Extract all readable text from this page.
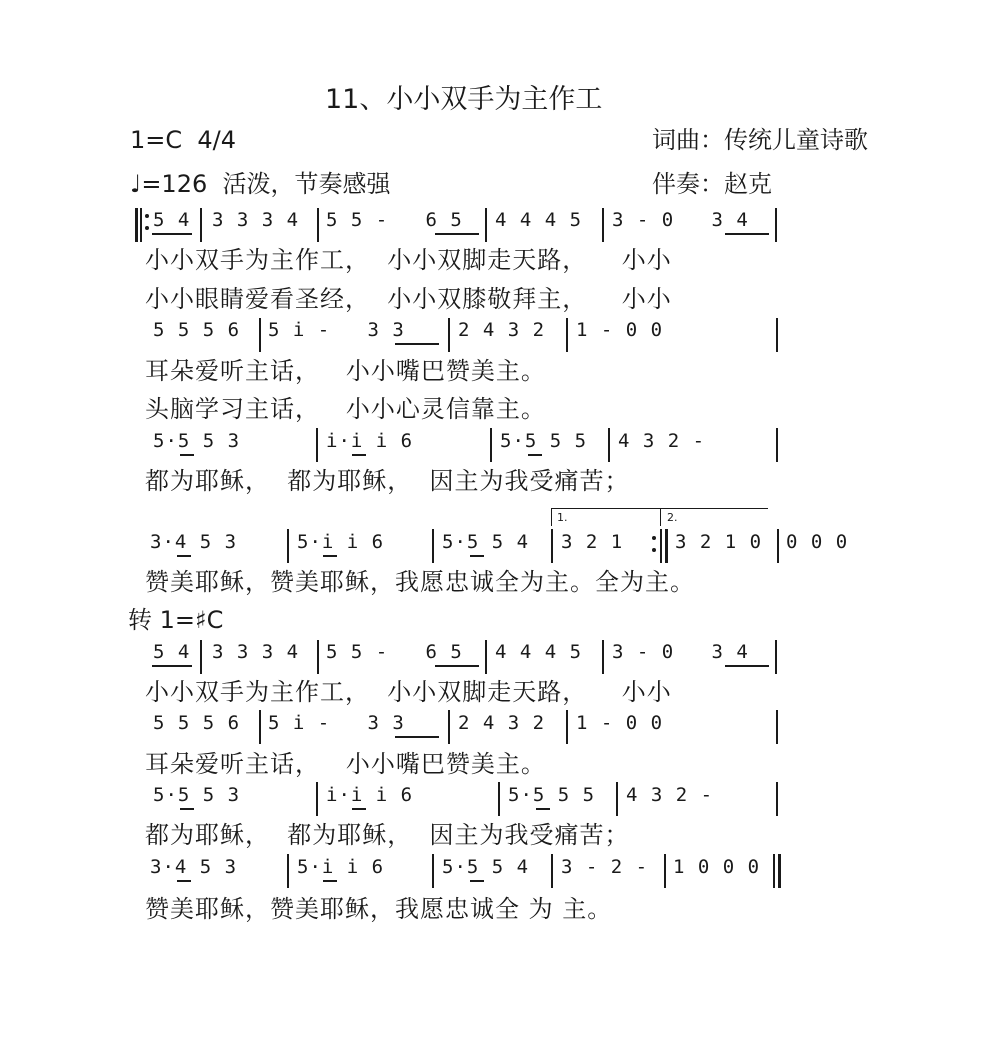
11、小小双手为主作工
1=C  4/4	词曲：传统儿童诗歌
♩=126  活泼，节奏感强	伴奏：赵克
5 4 3 3 3 4 5 5 -   6 5 4 4 4 5 3 - 0   3 4
小小双手为主作工，  小小双脚走天路，    小小
小小眼睛爱看圣经，  小小双膝敬拜主，    小小
5 5 5 6 5 i̇ -   3 3	2 4 3 2 1 - 0 0
耳朵爱听主话，   小小嘴巴赞美主。
头脑学习主话，   小小心灵信靠主。
5·5 5 3	i̇·i̇ i̇ 6	5·5 5 5 4 3 2 -
都为耶稣，  都为耶稣，  因主为我受痛苦；
1.	2.
3·4 5 3	5·i̇ i̇ 6	5·5 5 4 3 2 1	3 2 1 0 0 0 0
赞美耶稣，赞美耶稣，我愿忠诚全为主。全为主。
转 1=♯C
5 4 3 3 3 4 5 5 -   6 5 4 4 4 5 3 - 0   3 4
小小双手为主作工，  小小双脚走天路，    小小
5 5 5 6 5 i̇ -   3 3	2 4 3 2 1 - 0 0
耳朵爱听主话，   小小嘴巴赞美主。
5·5 5 3	i̇·i̇ i̇ 6	5·5 5 5 4 3 2 -
都为耶稣，  都为耶稣，  因主为我受痛苦；
3·4 5 3	5·i̇ i̇ 6	5·5 5 4 3 - 2 - 1 0 0 0
赞美耶稣，赞美耶稣，我愿忠诚全 为 主。
